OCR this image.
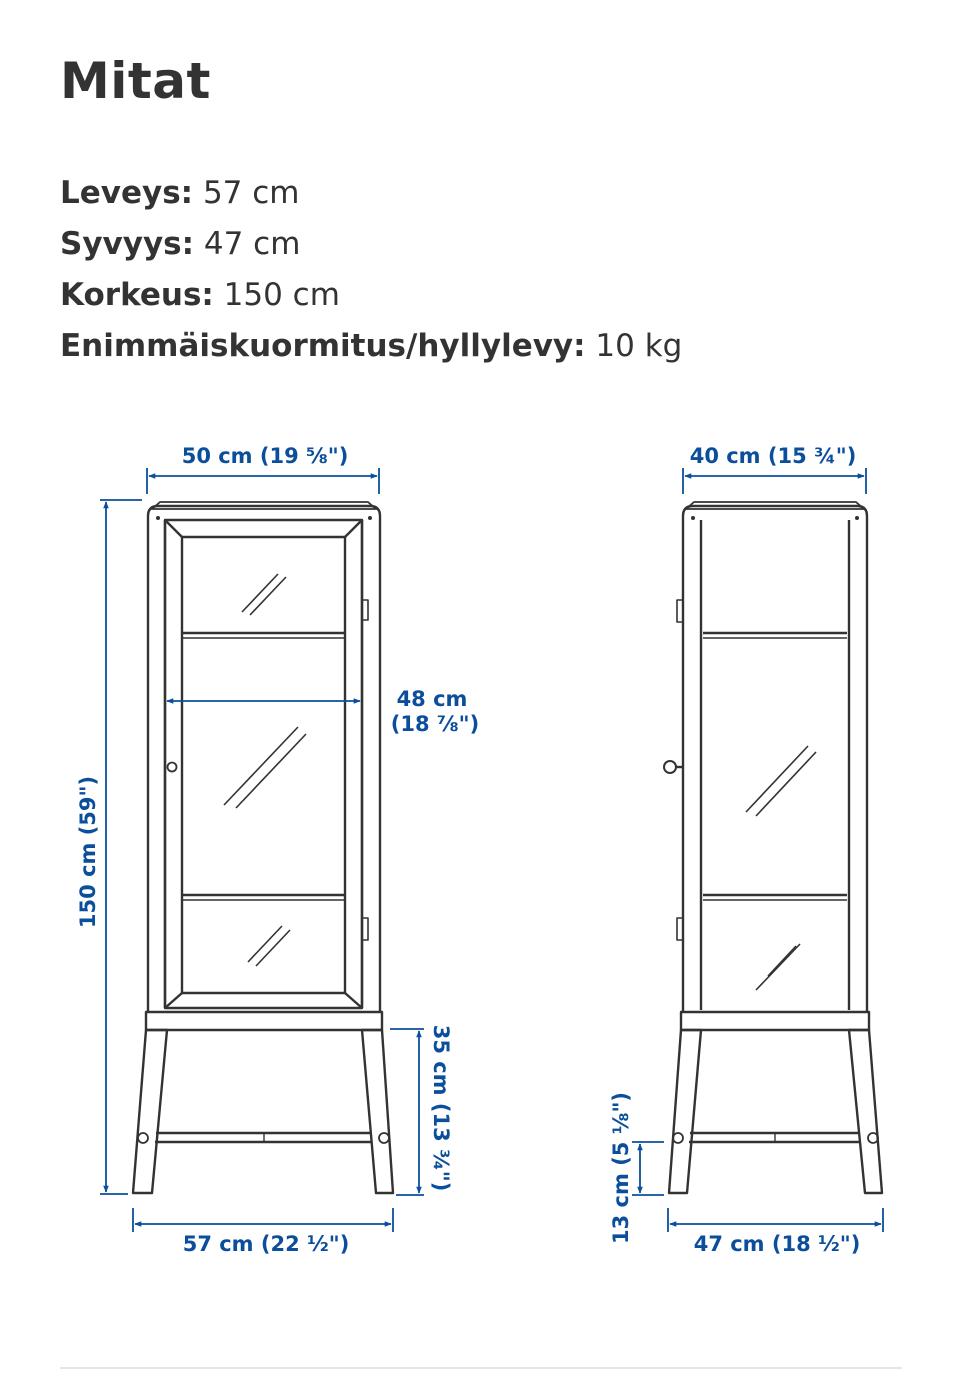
Mitat
Leveys: 57 cm
Syvyys: 47 cm
Korkeus: 150 cm
Enimmäiskuormitus/hyllylevy: 10 kg
50 cm (19 ⅝")
48 cm
(18 ⅞")
150 cm (59")
35 cm (13 ¾")
57 cm (22 ½")
40 cm (15 ¾")
13 cm (5 ⅛")
47 cm (18 ½")
